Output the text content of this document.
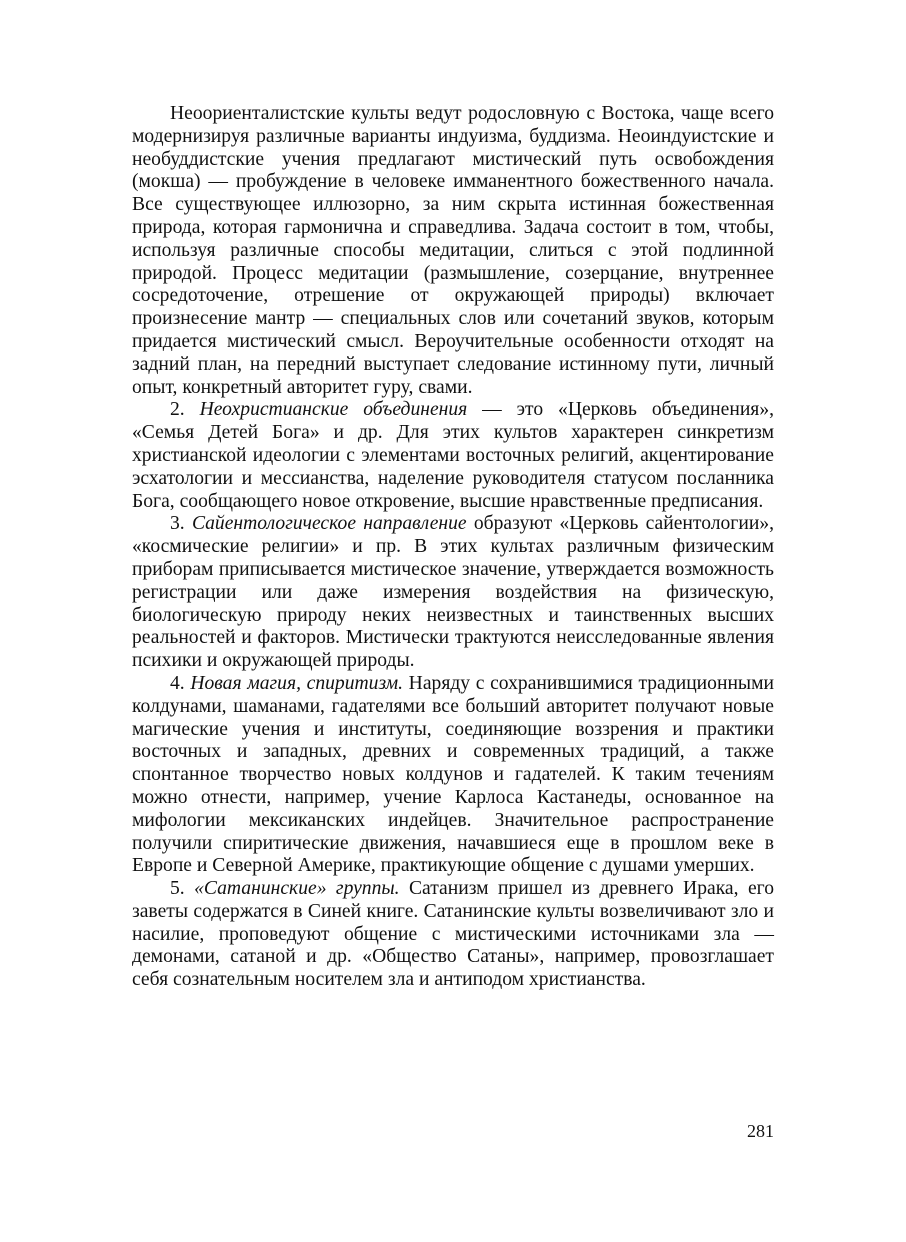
Неоориенталистские культы ведут родословную с Востока, чаще всего модернизируя различные варианты индуизма, буддизма. Неоиндуистские и необуддистские учения предлагают мистический путь освобождения (мокша) — пробуждение в человеке имманентного божественного начала. Все существующее иллюзорно, за ним скрыта истинная божественная природа, которая гармонична и справедлива. Задача состоит в том, чтобы, используя различные способы медитации, слиться с этой подлинной природой. Процесс медитации (размышление, созерцание, внутреннее сосредоточение, отрешение от окружающей природы) включает произнесение мантр — специальных слов или сочетаний звуков, которым придается мистический смысл. Вероучительные особенности отходят на задний план, на передний выступает следование истинному пути, личный опыт, конкретный авторитет гуру, свами.

2. Неохристианские объединения — это «Церковь объединения», «Семья Детей Бога» и др. Для этих культов характерен синкретизм христианской идеологии с элементами восточных религий, акцентирование эсхатологии и мессианства, наделение руководителя статусом посланника Бога, сообщающего новое откровение, высшие нравственные предписания.

3. Сайентологическое направление образуют «Церковь сайентологии», «космические религии» и пр. В этих культах различным физическим приборам приписывается мистическое значение, утверждается возможность регистрации или даже измерения воздействия на физическую, биологическую природу неких неизвестных и таинственных высших реальностей и факторов. Мистически трактуются неисследованные явления психики и окружающей природы.

4. Новая магия, спиритизм. Наряду с сохранившимися традиционными колдунами, шаманами, гадателями все больший авторитет получают новые магические учения и институты, соединяющие воззрения и практики восточных и западных, древних и современных традиций, а также спонтанное творчество новых колдунов и гадателей. К таким течениям можно отнести, например, учение Карлоса Кастанеды, основанное на мифологии мексиканских индейцев. Значительное распространение получили спиритические движения, начавшиеся еще в прошлом веке в Европе и Северной Америке, практикующие общение с душами умерших.

5. «Сатанинские» группы. Сатанизм пришел из древнего Ирака, его заветы содержатся в Синей книге. Сатанинские культы возвеличивают зло и насилие, проповедуют общение с мистическими источниками зла — демонами, сатаной и др. «Общество Сатаны», например, провозглашает себя сознательным носителем зла и антиподом христианства.

281
